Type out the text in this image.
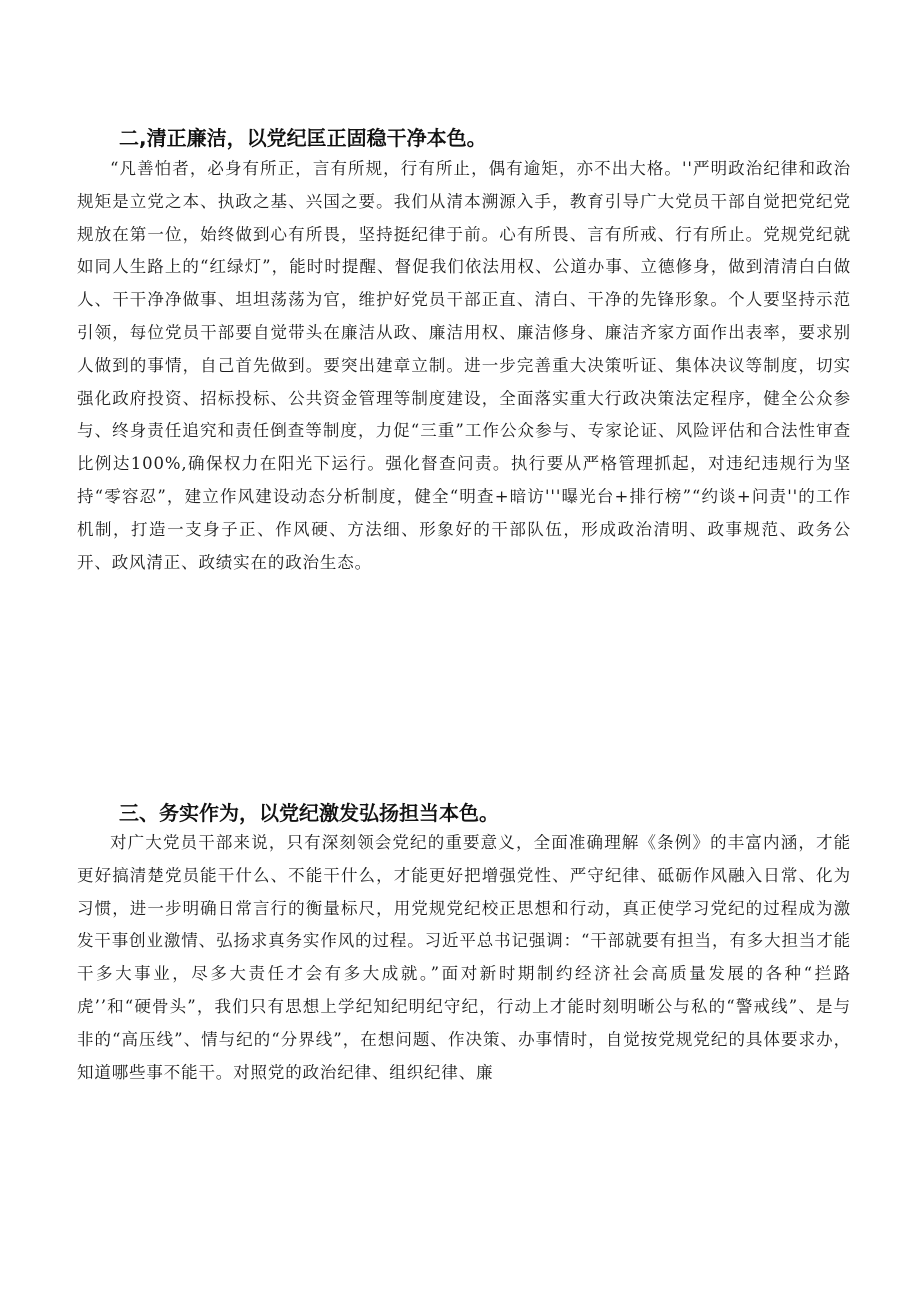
二,清正廉洁，以党纪匡正固稳干净本色。

“凡善怕者，必身有所正，言有所规，行有所止，偶有逾矩，亦不出大格。''严明政治纪律和政治规矩是立党之本、执政之基、兴国之要。我们从清本溯源入手，教育引导广大党员干部自觉把党纪党规放在第一位，始终做到心有所畏，坚持挺纪律于前。心有所畏、言有所戒、行有所止。党规党纪就如同人生路上的“红绿灯”，能时时提醒、督促我们依法用权、公道办事、立德修身，做到清清白白做人、干干净净做事、坦坦荡荡为官，维护好党员干部正直、清白、干净的先锋形象。个人要坚持示范引领，每位党员干部要自觉带头在廉洁从政、廉洁用权、廉洁修身、廉洁齐家方面作出表率，要求别人做到的事情，自己首先做到。要突出建章立制。进一步完善重大决策听证、集体决议等制度，切实强化政府投资、招标投标、公共资金管理等制度建设，全面落实重大行政决策法定程序，健全公众参与、终身责任追究和责任倒查等制度，力促“三重”工作公众参与、专家论证、风险评估和合法性审查比例达100%,确保权力在阳光下运行。强化督查问责。执行要从严格管理抓起，对违纪违规行为坚持“零容忍”，建立作风建设动态分析制度，健全“明查+暗访'''曝光台+排行榜”“约谈+问责''的工作机制，打造一支身子正、作风硬、方法细、形象好的干部队伍，形成政治清明、政事规范、政务公开、政风清正、政绩实在的政治生态。

三、务实作为，以党纪激发弘扬担当本色。

对广大党员干部来说，只有深刻领会党纪的重要意义，全面准确理解《条例》的丰富内涵，才能更好搞清楚党员能干什么、不能干什么，才能更好把增强党性、严守纪律、砥砺作风融入日常、化为习惯，进一步明确日常言行的衡量标尺，用党规党纪校正思想和行动，真正使学习党纪的过程成为激发干事创业激情、弘扬求真务实作风的过程。习近平总书记强调：“干部就要有担当，有多大担当才能干多大事业，尽多大责任才会有多大成就。”面对新时期制约经济社会高质量发展的各种“拦路虎’’和“硬骨头”，我们只有思想上学纪知纪明纪守纪，行动上才能时刻明晰公与私的“警戒线”、是与非的“高压线”、情与纪的“分界线”，在想问题、作决策、办事情时，自觉按党规党纪的具体要求办，知道哪些事不能干。对照党的政治纪律、组织纪律、廉
